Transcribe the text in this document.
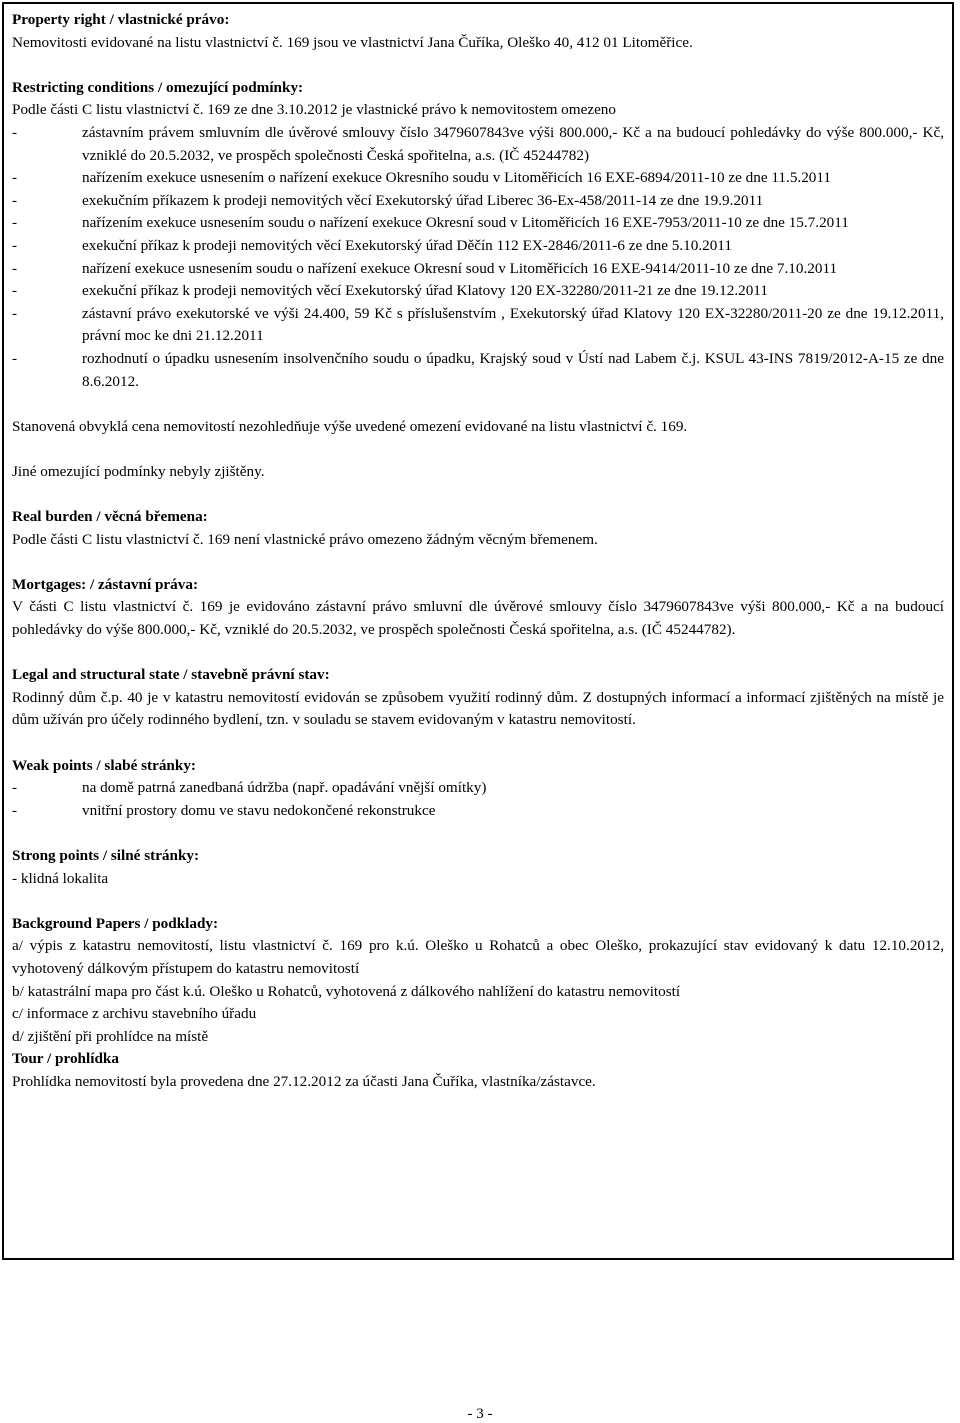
Property right / vlastnické právo:
Nemovitosti evidované na listu vlastnictví č. 169 jsou ve vlastnictví Jana Čuříka, Oleško 40, 412 01 Litoměřice.
Restricting conditions / omezující podmínky:
Podle části C listu vlastnictví č. 169 ze dne 3.10.2012 je vlastnické právo k nemovitostem omezeno
- zástavním právem smluvním dle úvěrové smlouvy číslo 3479607843ve výši 800.000,- Kč a na budoucí pohledávky do výše 800.000,- Kč, vzniklé do 20.5.2032, ve prospěch společnosti Česká spořitelna, a.s. (IČ 45244782)
- nařízením exekuce usnesením o nařízení exekuce Okresního soudu v Litoměřicích 16 EXE-6894/2011-10 ze dne 11.5.2011
- exekučním příkazem k prodeji nemovitých věcí Exekutorský úřad Liberec 36-Ex-458/2011-14 ze dne 19.9.2011
- nařízením exekuce usnesením soudu o nařízení exekuce Okresní soud v Litoměřicích 16 EXE-7953/2011-10 ze dne 15.7.2011
- exekuční příkaz k prodeji nemovitých věcí Exekutorský úřad Děčín 112 EX-2846/2011-6 ze dne 5.10.2011
- nařízení exekuce usnesením soudu o nařízení exekuce Okresní soud v Litoměřicích 16 EXE-9414/2011-10 ze dne 7.10.2011
- exekuční příkaz k prodeji nemovitých věcí Exekutorský úřad Klatovy 120 EX-32280/2011-21 ze dne 19.12.2011
- zástavní právo exekutorské ve výši 24.400, 59 Kč s příslušenstvím , Exekutorský úřad Klatovy 120 EX-32280/2011-20 ze dne 19.12.2011, právní moc ke dni 21.12.2011
- rozhodnutí o úpadku usnesením insolvenčního soudu o úpadku, Krajský soud v Ústí nad Labem č.j. KSUL 43-INS 7819/2012-A-15 ze dne 8.6.2012.
Stanovená obvyklá cena nemovitostí nezohledňuje výše uvedené omezení evidované na listu vlastnictví č. 169.
Jiné omezující podmínky nebyly zjištěny.
Real burden / věcná břemena:
Podle části C listu vlastnictví č. 169 není vlastnické právo omezeno žádným věcným břemenem.
Mortgages: / zástavní práva:
V části C listu vlastnictví č. 169 je evidováno zástavní právo smluvní dle úvěrové smlouvy číslo 3479607843ve výši 800.000,- Kč a na budoucí pohledávky do výše 800.000,- Kč, vzniklé do 20.5.2032, ve prospěch společnosti Česká spořitelna, a.s. (IČ 45244782).
Legal and structural state / stavebně právní stav:
Rodinný dům č.p. 40 je v katastru nemovitostí evidován se způsobem využití rodinný dům. Z dostupných informací a informací zjištěných na místě je dům užíván pro účely rodinného bydlení, tzn. v souladu se stavem evidovaným v katastru nemovitostí.
Weak points / slabé stránky:
- na domě patrná zanedbaná údržba (např. opadávání vnější omítky)
- vnitřní prostory domu ve stavu nedokončené rekonstrukce
Strong points / silné stránky:
- klidná lokalita
Background Papers / podklady:
a/ výpis z katastru nemovitostí, listu vlastnictví č. 169 pro k.ú. Oleško u Rohatců a obec Oleško, prokazující stav evidovaný k datu 12.10.2012, vyhotovený dálkovým přístupem do katastru nemovitostí
b/ katastrální mapa pro část k.ú. Oleško u Rohatců, vyhotovená z dálkového nahlížení do katastru nemovitostí
c/ informace z archivu stavebního úřadu
d/ zjištění při prohlídce na místě
Tour / prohlídka
Prohlídka nemovitostí byla provedena dne 27.12.2012 za účasti Jana Čuříka, vlastníka/zástavce.
- 3 -
